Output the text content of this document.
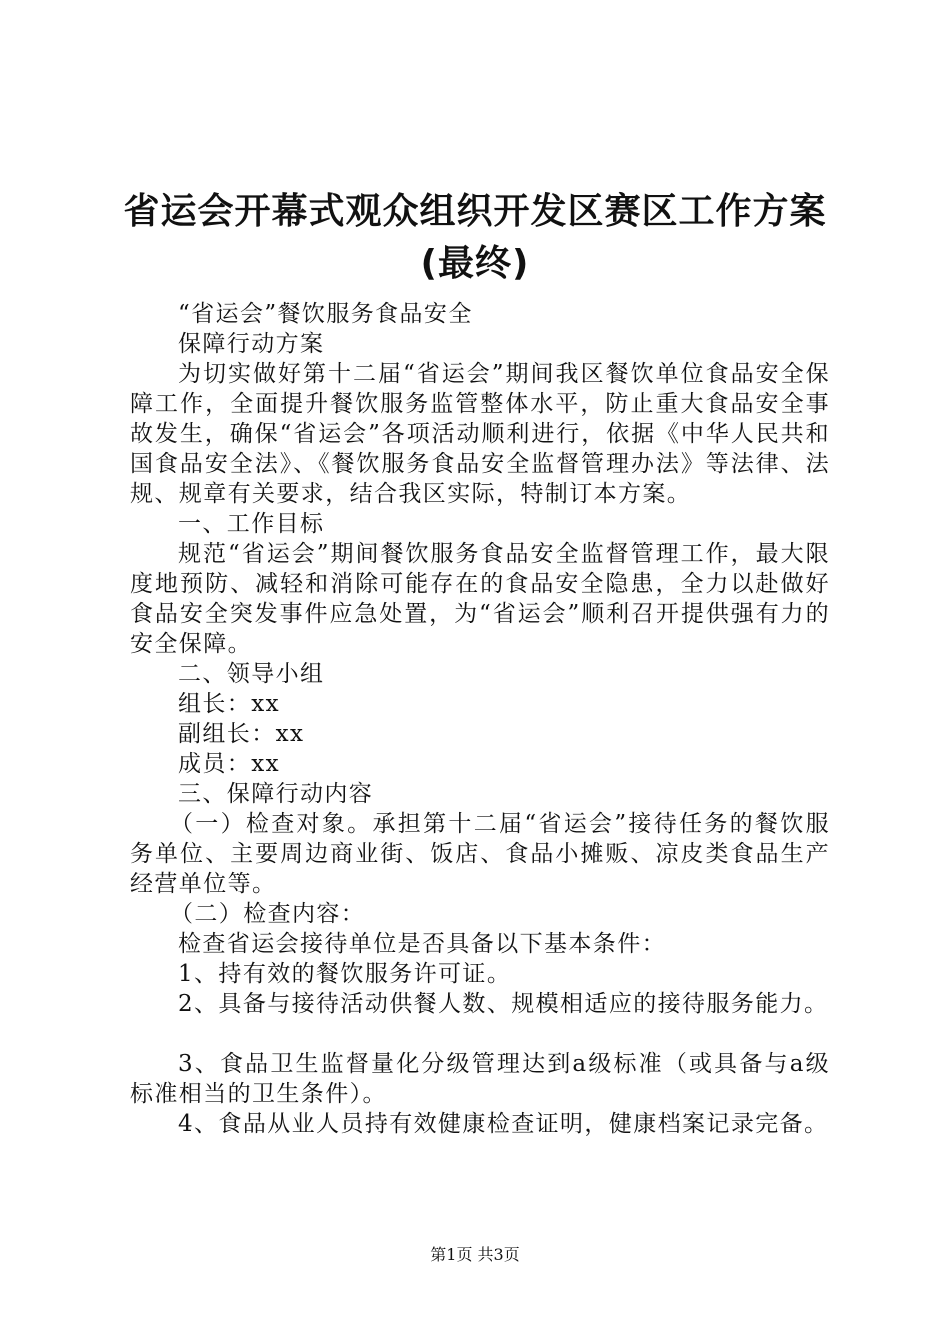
省运会开幕式观众组织开发区赛区工作方案
(最终)

“省运会”餐饮服务食品安全

保障行动方案

为切实做好第十二届“省运会”期间我区餐饮单位食品安全保障工作，全面提升餐饮服务监管整体水平，防止重大食品安全事故发生，确保“省运会”各项活动顺利进行，依据《中华人民共和国食品安全法》、《餐饮服务食品安全监督管理办法》等法律、法规、规章有关要求，结合我区实际，特制订本方案。

一、工作目标

规范“省运会”期间餐饮服务食品安全监督管理工作，最大限度地预防、减轻和消除可能存在的食品安全隐患，全力以赴做好食品安全突发事件应急处置，为“省运会”顺利召开提供强有力的安全保障。

二、领导小组

组长：xx

副组长：xx

成员：xx

三、保障行动内容

（一）检查对象。承担第十二届“省运会”接待任务的餐饮服务单位、主要周边商业街、饭店、食品小摊贩、凉皮类食品生产经营单位等。

（二）检查内容：

检查省运会接待单位是否具备以下基本条件：

1、持有效的餐饮服务许可证。

2、具备与接待活动供餐人数、规模相适应的接待服务能力。

3、食品卫生监督量化分级管理达到a级标准（或具备与a级标准相当的卫生条件）。

4、食品从业人员持有效健康检查证明，健康档案记录完备。

第1页 共3页
